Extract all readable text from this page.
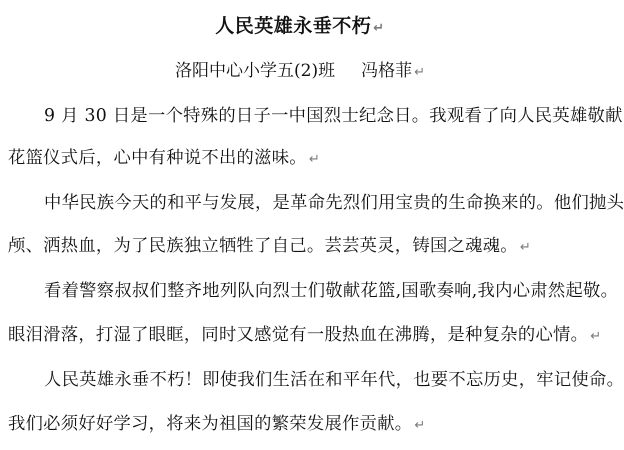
人民英雄永垂不朽 ↵
洛阳中心小学五(2)班 冯格菲 ↵
9 月 30 日是一个特殊的日子一中国烈士纪念日。我观看了向人民英雄敬献
花篮仪式后，心中有种说不出的滋味。 ↵
中华民族今天的和平与发展，是革命先烈们用宝贵的生命换来的。他们抛头
颅、洒热血，为了民族独立牺牲了自己。芸芸英灵，铸国之魂魂。 ↵
看着警察叔叔们整齐地列队向烈士们敬献花篮,国歌奏响,我内心肃然起敬。
眼泪滑落，打湿了眼眶，同时又感觉有一股热血在沸腾，是种复杂的心情。 ↵
人民英雄永垂不朽！即使我们生活在和平年代，也要不忘历史，牢记使命。
我们必须好好学习，将来为祖国的繁荣发展作贡献。 ↵
